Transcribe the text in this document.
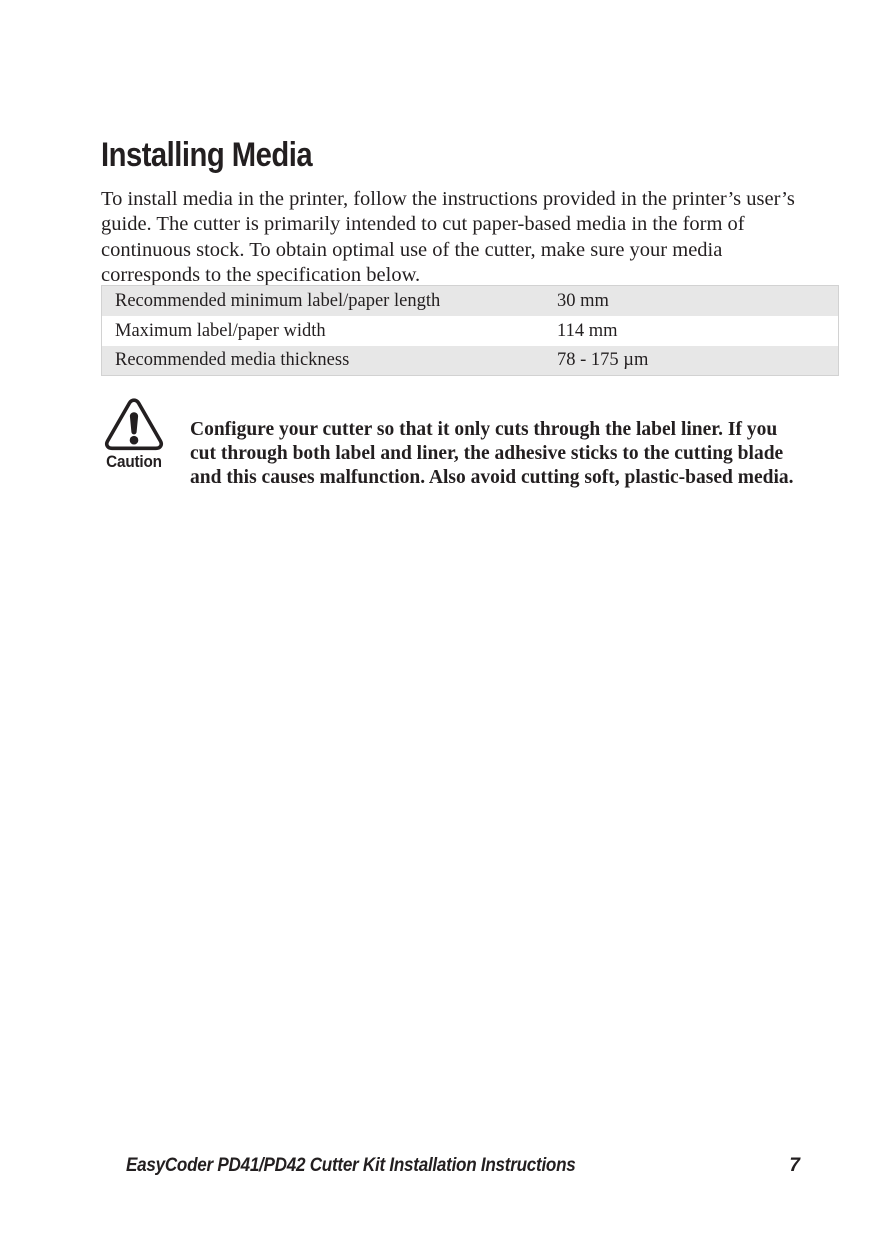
Installing Media

To install media in the printer, follow the instructions provided in the printer’s user’s guide. The cutter is primarily intended to cut paper-based media in the form of continuous stock. To obtain optimal use of the cutter, make sure your media corresponds to the specification below.

Recommended minimum label/paper length	30 mm
Maximum label/paper width	114 mm
Recommended media thickness	78 - 175 µm
Caution

Configure your cutter so that it only cuts through the label liner. If you cut through both label and liner, the adhesive sticks to the cutting blade and this causes malfunction. Also avoid cutting soft, plastic-based media.

EasyCoder PD41/PD42 Cutter Kit Installation Instructions	7
